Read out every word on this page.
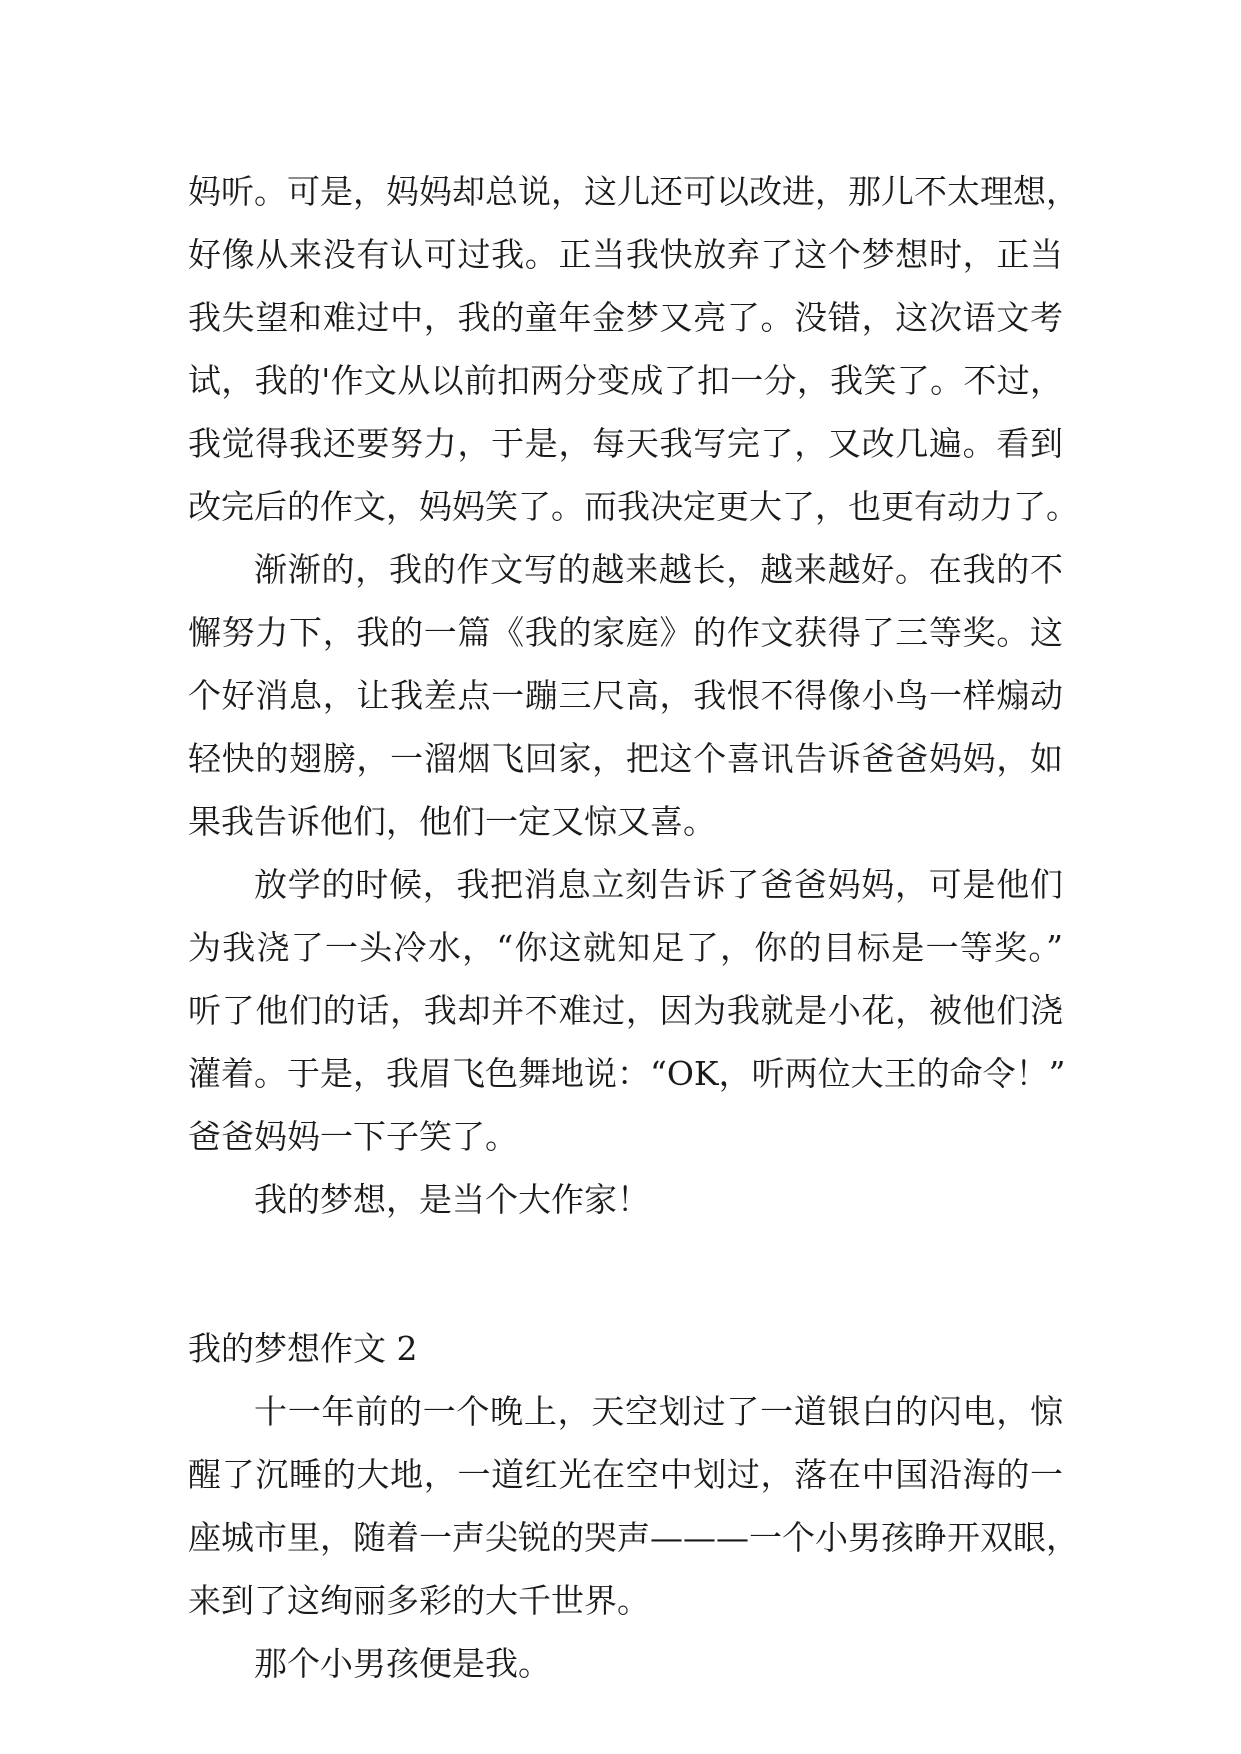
妈听。可是，妈妈却总说，这儿还可以改进，那儿不太理想，
好像从来没有认可过我。正当我快放弃了这个梦想时，正当
我失望和难过中，我的童年金梦又亮了。没错，这次语文考
试，我的'作文从以前扣两分变成了扣一分，我笑了。不过，
我觉得我还要努力，于是，每天我写完了，又改几遍。看到
改完后的作文，妈妈笑了。而我决定更大了，也更有动力了。
渐渐的，我的作文写的越来越长，越来越好。在我的不
懈努力下，我的一篇《我的家庭》的作文获得了三等奖。这
个好消息，让我差点一蹦三尺高，我恨不得像小鸟一样煽动
轻快的翅膀，一溜烟飞回家，把这个喜讯告诉爸爸妈妈，如
果我告诉他们，他们一定又惊又喜。
放学的时候，我把消息立刻告诉了爸爸妈妈，可是他们
为我浇了一头冷水，“你这就知足了，你的目标是一等奖。”
听了他们的话，我却并不难过，因为我就是小花，被他们浇
灌着。于是，我眉飞色舞地说：“OK，听两位大王的命令！”
爸爸妈妈一下子笑了。
我的梦想，是当个大作家！
我的梦想作文 2
十一年前的一个晚上，天空划过了一道银白的闪电，惊
醒了沉睡的大地，一道红光在空中划过，落在中国沿海的一
座城市里，随着一声尖锐的哭声———一个小男孩睁开双眼，
来到了这绚丽多彩的大千世界。
那个小男孩便是我。
